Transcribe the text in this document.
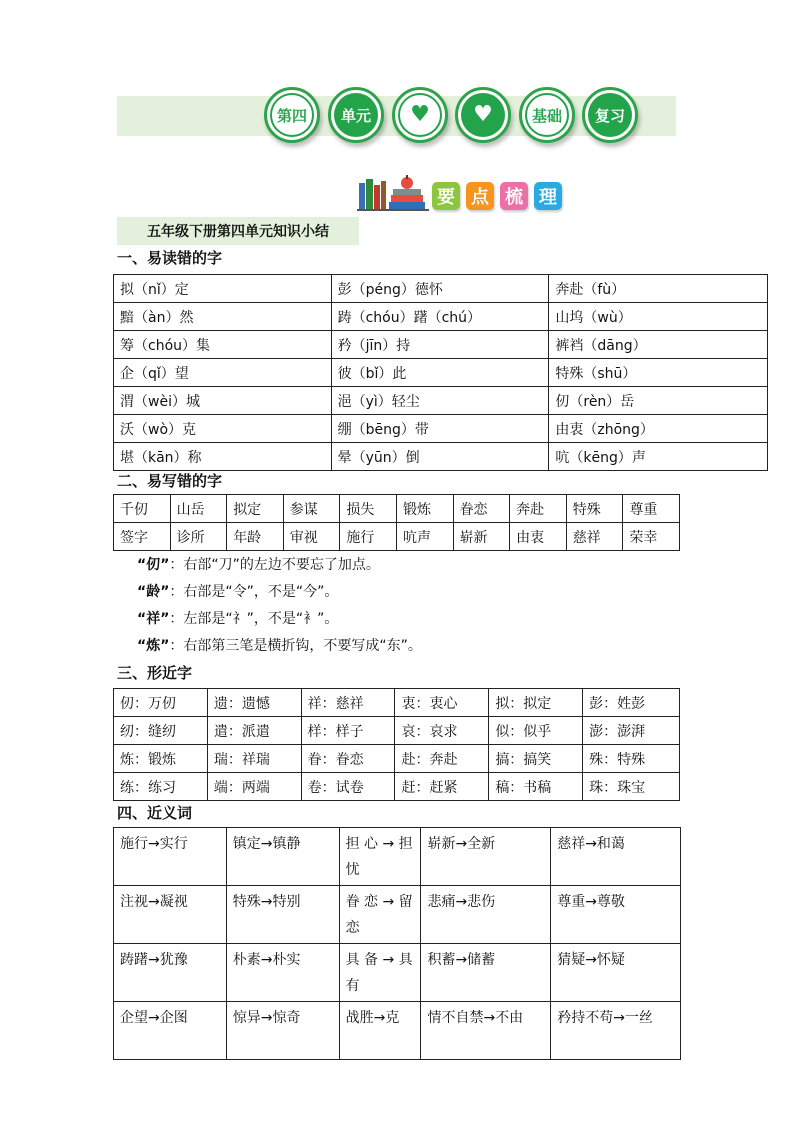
第四	单元	♥ ♥	基础	复习
要 点 梳 理
五年级下册第四单元知识小结
一、易读错的字
拟（nǐ）定	彭（péng）德怀	奔赴（fù）
黯（àn）然	踌（chóu）躇（chú）	山坞（wù）
筹（chóu）集	矜（jīn）持	裤裆（dāng）
企（qǐ）望	彼（bǐ）此	特殊（shū）
渭（wèi）城	浥（yì）轻尘	仞（rèn）岳
沃（wò）克	绷（bēng）带	由衷（zhōng）
堪（kān）称	晕（yūn）倒	吭（kēng）声
二、易写错的字
千仞	山岳	拟定	参谋	损失	锻炼	眷恋	奔赴	特殊	尊重
签字	诊所	年龄	审视	施行	吭声	崭新	由衷	慈祥	荣幸
“仞”：右部“刀”的左边不要忘了加点。
“龄”：右部是“令”，不是“今”。
“祥”：左部是“礻”，不是“衤”。
“炼”：右部第三笔是横折钩，不要写成“东”。
三、形近字
仞：万仞	遗：遗憾	祥：慈祥	衷：衷心	拟：拟定	彭：姓彭
纫：缝纫	遣：派遣	样：样子	哀：哀求	似：似乎	澎：澎湃
炼：锻炼	瑞：祥瑞	眷：眷恋	赴：奔赴	搞：搞笑	殊：特殊
练：练习	端：两端	卷：试卷	赶：赶紧	稿：书稿	珠：珠宝
四、近义词
施行→实行	镇定→镇静	担 心 → 担忧	崭新→全新	慈祥→和蔼
注视→凝视	特殊→特别	眷 恋 → 留恋	悲痛→悲伤	尊重→尊敬
踌躇→犹豫	朴素→朴实	具 备 → 具有	积蓄→储蓄	猜疑→怀疑
企望→企图	惊异→惊奇	战胜→克	情不自禁→不由	矜持不苟→一丝
